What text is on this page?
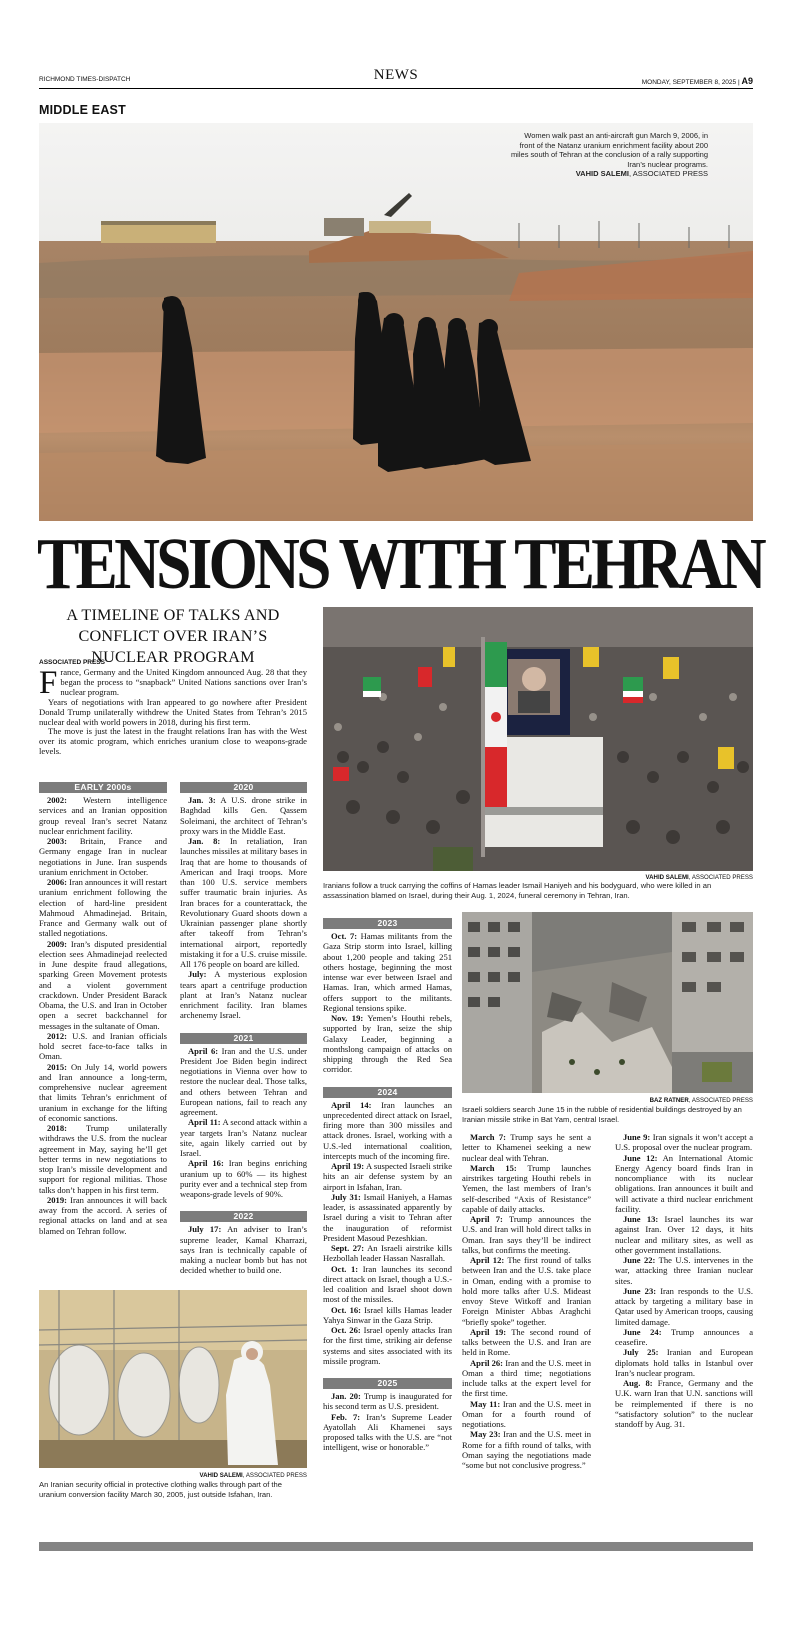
RICHMOND TIMES-DISPATCH	NEWS	MONDAY, SEPTEMBER 8, 2025 | A9
MIDDLE EAST
Women walk past an anti-aircraft gun March 9, 2006, in front of the Natanz uranium enrichment facility about 200 miles south of Tehran at the conclusion of a rally supporting Iran’s nuclear programs.
VAHID SALEMI, ASSOCIATED PRESS
TENSIONS WITH TEHRAN
A TIMELINE OF TALKS AND CONFLICT OVER IRAN’S NUCLEAR PROGRAM
ASSOCIATED PRESS

France, Germany and the United Kingdom announced Aug. 28 that they began the process to “snapback” United Nations sanctions over Iran’s nuclear program.

Years of negotiations with Iran appeared to go nowhere after President Donald Trump unilaterally withdrew the United States from Tehran’s 2015 nuclear deal with world powers in 2018, during his first term.

The move is just the latest in the fraught relations Iran has with the West over its atomic program, which enriches uranium close to weapons-grade levels.

VAHID SALEMI, ASSOCIATED PRESS
Iranians follow a truck carrying the coffins of Hamas leader Ismail Haniyeh and his bodyguard, who were killed in an assassination blamed on Israel, during their Aug. 1, 2024, funeral ceremony in Tehran, Iran.
BAZ RATNER, ASSOCIATED PRESS
Israeli soldiers search June 15 in the rubble of residential buildings destroyed by an Iranian missile strike in Bat Yam, central Israel.
VAHID SALEMI, ASSOCIATED PRESS
An Iranian security official in protective clothing walks through part of the uranium conversion facility March 30, 2005, just outside Isfahan, Iran.
EARLY 2000s

2002: Western intelligence services and an Iranian opposition group reveal Iran’s secret Natanz nuclear enrichment facility.

2003: Britain, France and Germany engage Iran in nuclear negotiations in June. Iran suspends uranium enrichment in October.

2006: Iran announces it will restart uranium enrichment following the election of hard-line president Mahmoud Ahmadinejad. Britain, France and Germany walk out of stalled negotiations.

2009: Iran’s disputed presidential election sees Ahmadinejad reelected in June despite fraud allegations, sparking Green Movement protests and a violent government crackdown. Under President Barack Obama, the U.S. and Iran in October open a secret backchannel for messages in the sultanate of Oman.

2012: U.S. and Iranian officials hold secret face-to-face talks in Oman.

2015: On July 14, world powers and Iran announce a long-term, comprehensive nuclear agreement that limits Tehran’s enrichment of uranium in exchange for the lifting of economic sanctions.

2018: Trump unilaterally withdraws the U.S. from the nuclear agreement in May, saying he’ll get better terms in new negotiations to stop Iran’s missile development and support for regional militias. Those talks don’t happen in his first term.

2019: Iran announces it will back away from the accord. A series of regional attacks on land and at sea blamed on Tehran follow.

2020

Jan. 3: A U.S. drone strike in Baghdad kills Gen. Qassem Soleimani, the architect of Tehran’s proxy wars in the Middle East.

Jan. 8: In retaliation, Iran launches missiles at military bases in Iraq that are home to thousands of American and Iraqi troops. More than 100 U.S. service members suffer traumatic brain injuries. As Iran braces for a counterattack, the Revolutionary Guard shoots down a Ukrainian passenger plane shortly after takeoff from Tehran’s international airport, reportedly mistaking it for a U.S. cruise missile. All 176 people on board are killed.

July: A mysterious explosion tears apart a centrifuge production plant at Iran’s Natanz nuclear enrichment facility. Iran blames archenemy Israel.

2021

April 6: Iran and the U.S. under President Joe Biden begin indirect negotiations in Vienna over how to restore the nuclear deal. Those talks, and others between Tehran and European nations, fail to reach any agreement.

April 11: A second attack within a year targets Iran’s Natanz nuclear site, again likely carried out by Israel.

April 16: Iran begins enriching uranium up to 60% — its highest purity ever and a technical step from weapons-grade levels of 90%.

2022

July 17: An adviser to Iran’s supreme leader, Kamal Kharrazi, says Iran is technically capable of making a nuclear bomb but has not decided whether to build one.

2023

Oct. 7: Hamas militants from the Gaza Strip storm into Israel, killing about 1,200 people and taking 251 others hostage, beginning the most intense war ever between Israel and Hamas. Iran, which armed Hamas, offers support to the militants. Regional tensions spike.

Nov. 19: Yemen’s Houthi rebels, supported by Iran, seize the ship Galaxy Leader, beginning a monthslong campaign of attacks on shipping through the Red Sea corridor.

2024

April 14: Iran launches an unprecedented direct attack on Israel, firing more than 300 missiles and attack drones. Israel, working with a U.S.-led international coalition, intercepts much of the incoming fire.

April 19: A suspected Israeli strike hits an air defense system by an airport in Isfahan, Iran.

July 31: Ismail Haniyeh, a Hamas leader, is assassinated apparently by Israel during a visit to Tehran after the inauguration of reformist President Masoud Pezeshkian.

Sept. 27: An Israeli airstrike kills Hezbollah leader Hassan Nasrallah.

Oct. 1: Iran launches its second direct attack on Israel, though a U.S.-led coalition and Israel shoot down most of the missiles.

Oct. 16: Israel kills Hamas leader Yahya Sinwar in the Gaza Strip.

Oct. 26: Israel openly attacks Iran for the first time, striking air defense systems and sites associated with its missile program.

2025

Jan. 20: Trump is inaugurated for his second term as U.S. president.

Feb. 7: Iran’s Supreme Leader Ayatollah Ali Khamenei says proposed talks with the U.S. are “not intelligent, wise or honorable.”

March 7: Trump says he sent a letter to Khamenei seeking a new nuclear deal with Tehran.

March 15: Trump launches airstrikes targeting Houthi rebels in Yemen, the last members of Iran’s self-described “Axis of Resistance” capable of daily attacks.

April 7: Trump announces the U.S. and Iran will hold direct talks in Oman. Iran says they’ll be indirect talks, but confirms the meeting.

April 12: The first round of talks between Iran and the U.S. take place in Oman, ending with a promise to hold more talks after U.S. Mideast envoy Steve Witkoff and Iranian Foreign Minister Abbas Araghchi “briefly spoke” together.

April 19: The second round of talks between the U.S. and Iran are held in Rome.

April 26: Iran and the U.S. meet in Oman a third time; negotiations include talks at the expert level for the first time.

May 11: Iran and the U.S. meet in Oman for a fourth round of negotiations.

May 23: Iran and the U.S. meet in Rome for a fifth round of talks, with Oman saying the negotiations made “some but not conclusive progress.”

June 9: Iran signals it won’t accept a U.S. proposal over the nuclear program.

June 12: An International Atomic Energy Agency board finds Iran in noncompliance with its nuclear obligations. Iran announces it built and will activate a third nuclear enrichment facility.

June 13: Israel launches its war against Iran. Over 12 days, it hits nuclear and military sites, as well as other government installations.

June 22: The U.S. intervenes in the war, attacking three Iranian nuclear sites.

June 23: Iran responds to the U.S. attack by targeting a military base in Qatar used by American troops, causing limited damage.

June 24: Trump announces a ceasefire.

July 25: Iranian and European diplomats hold talks in Istanbul over Iran’s nuclear program.

Aug. 8: France, Germany and the U.K. warn Iran that U.N. sanctions will be reimplemented if there is no “satisfactory solution” to the nuclear standoff by Aug. 31.
